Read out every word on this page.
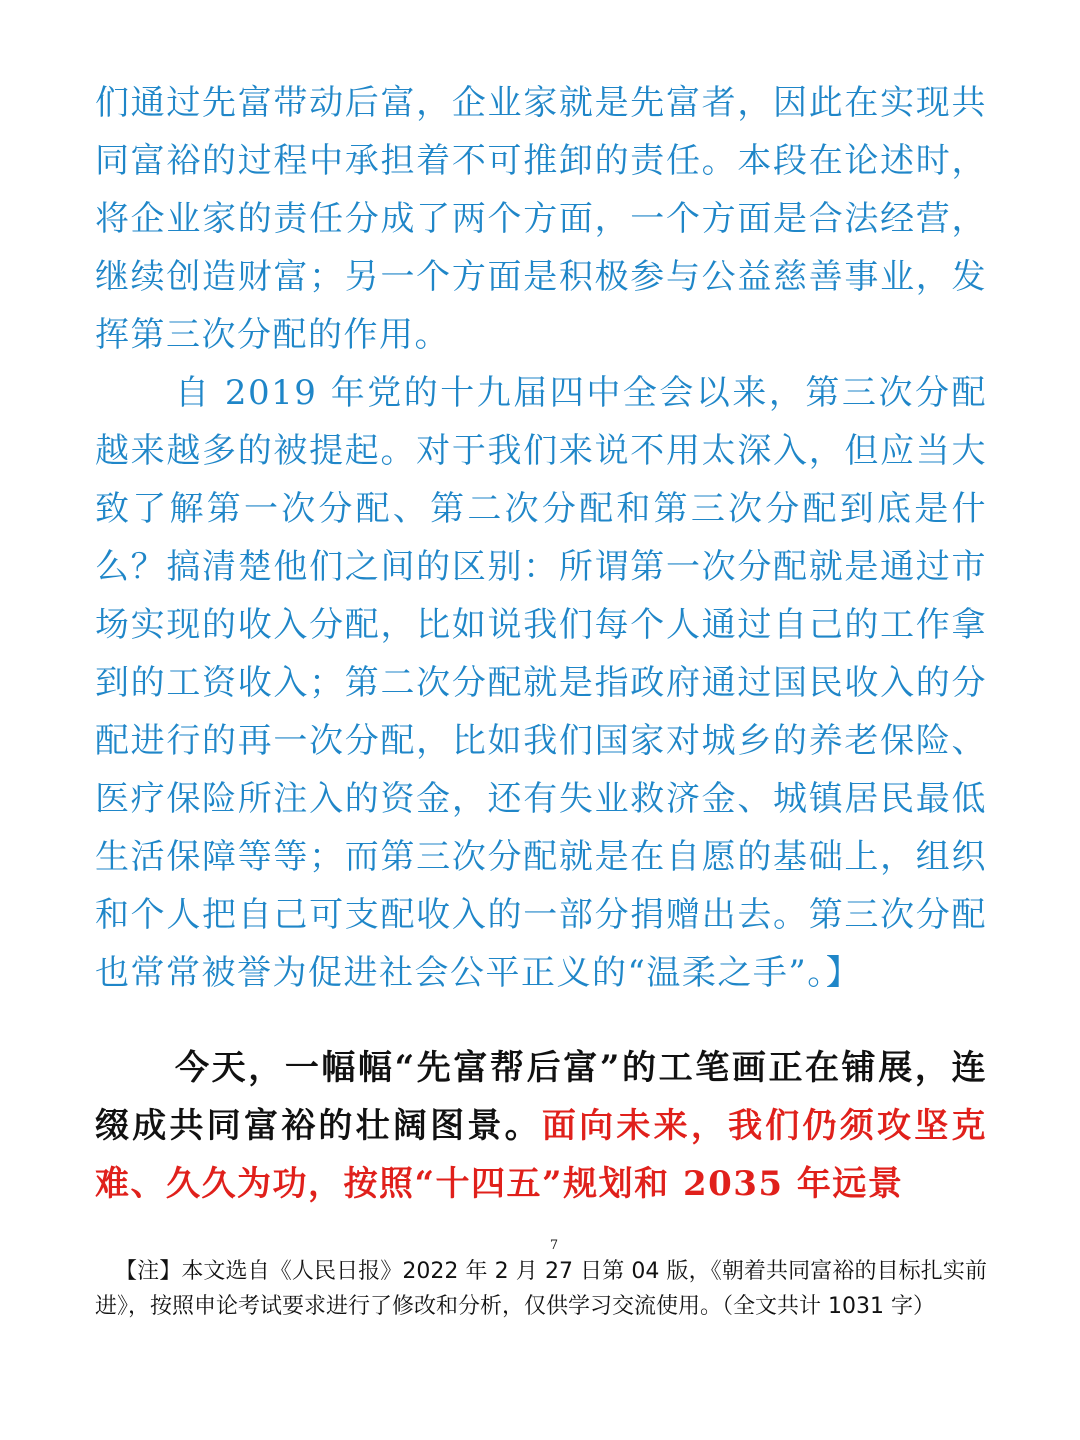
们通过先富带动后富，企业家就是先富者，因此在实现共同富裕的过程中承担着不可推卸的责任。本段在论述时，将企业家的责任分成了两个方面，一个方面是合法经营，继续创造财富；另一个方面是积极参与公益慈善事业，发挥第三次分配的作用。

自 2019 年党的十九届四中全会以来，第三次分配越来越多的被提起。对于我们来说不用太深入，但应当大致了解第一次分配、第二次分配和第三次分配到底是什么？搞清楚他们之间的区别：所谓第一次分配就是通过市场实现的收入分配，比如说我们每个人通过自己的工作拿到的工资收入；第二次分配就是指政府通过国民收入的分配进行的再一次分配，比如我们国家对城乡的养老保险、医疗保险所注入的资金，还有失业救济金、城镇居民最低生活保障等等；而第三次分配就是在自愿的基础上，组织和个人把自己可支配收入的一部分捐赠出去。第三次分配也常常被誉为促进社会公平正义的“温柔之手”。】

今天，一幅幅“先富帮后富”的工笔画正在铺展，连缀成共同富裕的壮阔图景。面向未来，我们仍须攻坚克难、久久为功，按照“十四五”规划和 2035 年远景

7

【注】本文选自《人民日报》2022 年 2 月 27 日第 04 版，《朝着共同富裕的目标扎实前进》，按照申论考试要求进行了修改和分析，仅供学习交流使用。（全文共计 1031 字）
